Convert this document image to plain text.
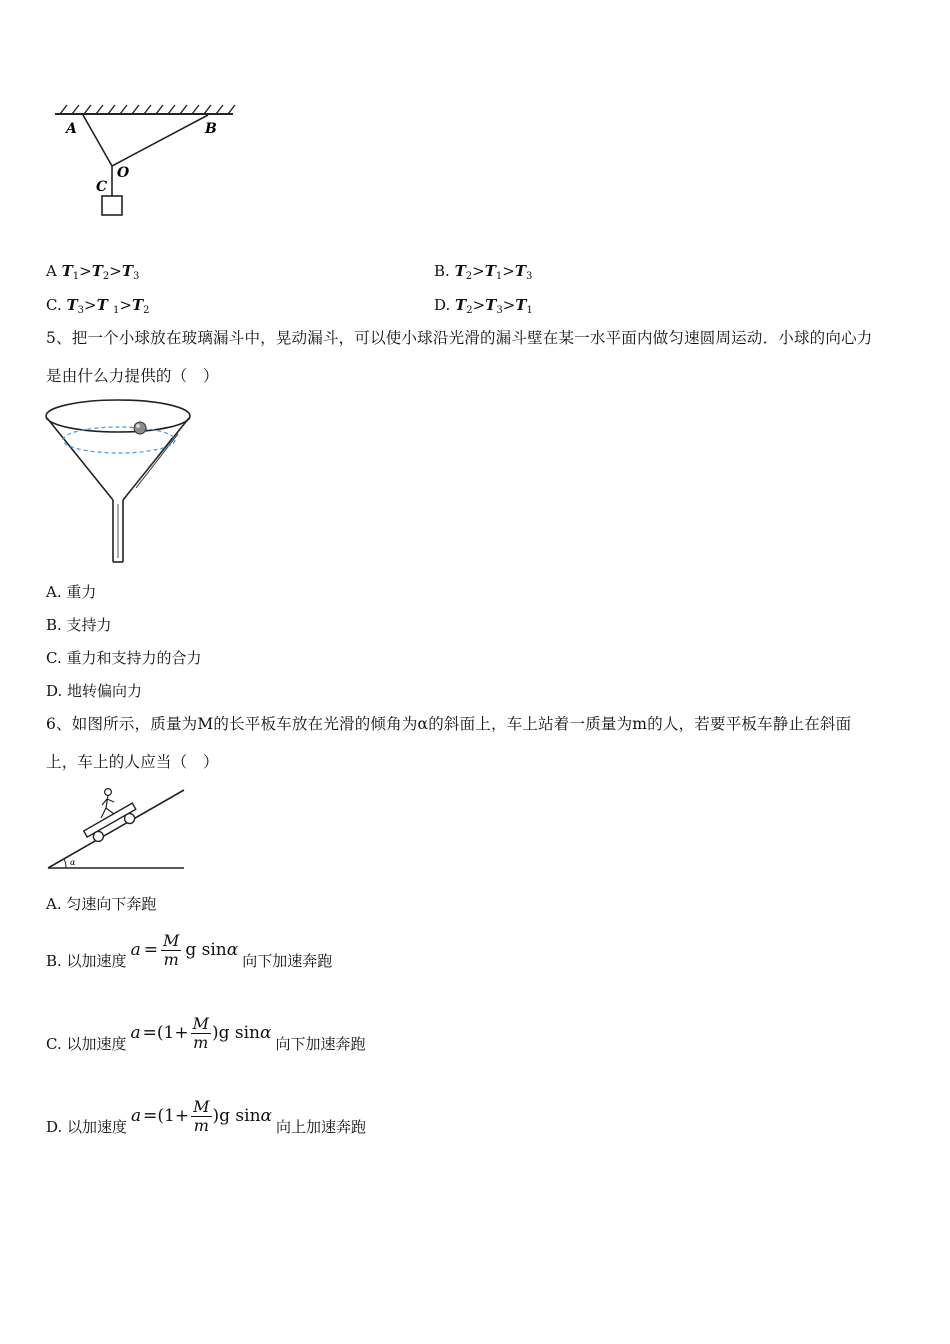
A	B
O
C
A $T_1>T_2>T_3$	B. $T_2>T_1>T_3$
C. $T_3>T$ $_1>T_2$	D. $T_2>T_3>T_1$
5、把一个小球放在玻璃漏斗中，晃动漏斗，可以使小球沿光滑的漏斗壁在某一水平面内做匀速圆周运动．小球的向心力
是由什么力提供的（　）
A. 重力
B. 支持力
C. 重力和支持力的合力
D. 地转偏向力
6、如图所示，质量为M的长平板车放在光滑的倾角为α的斜面上，车上站着一质量为m的人，若要平板车静止在斜面
上，车上的人应当（　）
α
A. 匀速向下奔跑
B. 以加速度
$a = \frac{M}{m}$ g sin α
向下加速奔跑
C. 以加速度
$a =(1+ \frac{M}{m} )g$ sin α
向下加速奔跑
D. 以加速度
$a =(1+ \frac{M}{m} )g$ sin α
向上加速奔跑
